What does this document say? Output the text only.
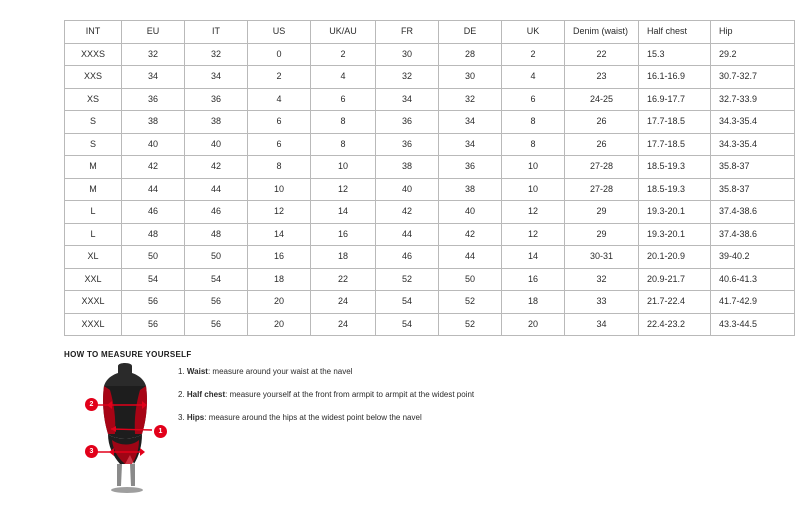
INT	EU	IT	US	UK/AU	FR	DE	UK	Denim (waist)	Half chest	Hip
XXXS	32	32	0	2	30	28	2	22	15.3	29.2
XXS	34	34	2	4	32	30	4	23	16.1-16.9	30.7-32.7
XS	36	36	4	6	34	32	6	24-25	16.9-17.7	32.7-33.9
S	38	38	6	8	36	34	8	26	17.7-18.5	34.3-35.4
S	40	40	6	8	36	34	8	26	17.7-18.5	34.3-35.4
M	42	42	8	10	38	36	10	27-28	18.5-19.3	35.8-37
M	44	44	10	12	40	38	10	27-28	18.5-19.3	35.8-37
L	46	46	12	14	42	40	12	29	19.3-20.1	37.4-38.6
L	48	48	14	16	44	42	12	29	19.3-20.1	37.4-38.6
XL	50	50	16	18	46	44	14	30-31	20.1-20.9	39-40.2
XXL	54	54	18	22	52	50	16	32	20.9-21.7	40.6-41.3
XXXL	56	56	20	24	54	52	18	33	21.7-22.4	41.7-42.9
XXXL	56	56	20	24	54	52	20	34	22.4-23.2	43.3-44.5
HOW TO MEASURE YOURSELF
1. Waist: measure around your waist at the navel
2. Half chest: measure yourself at the front from armpit to armpit at the widest point
3. Hips: measure around the hips at the widest point below the navel
1
2
3
